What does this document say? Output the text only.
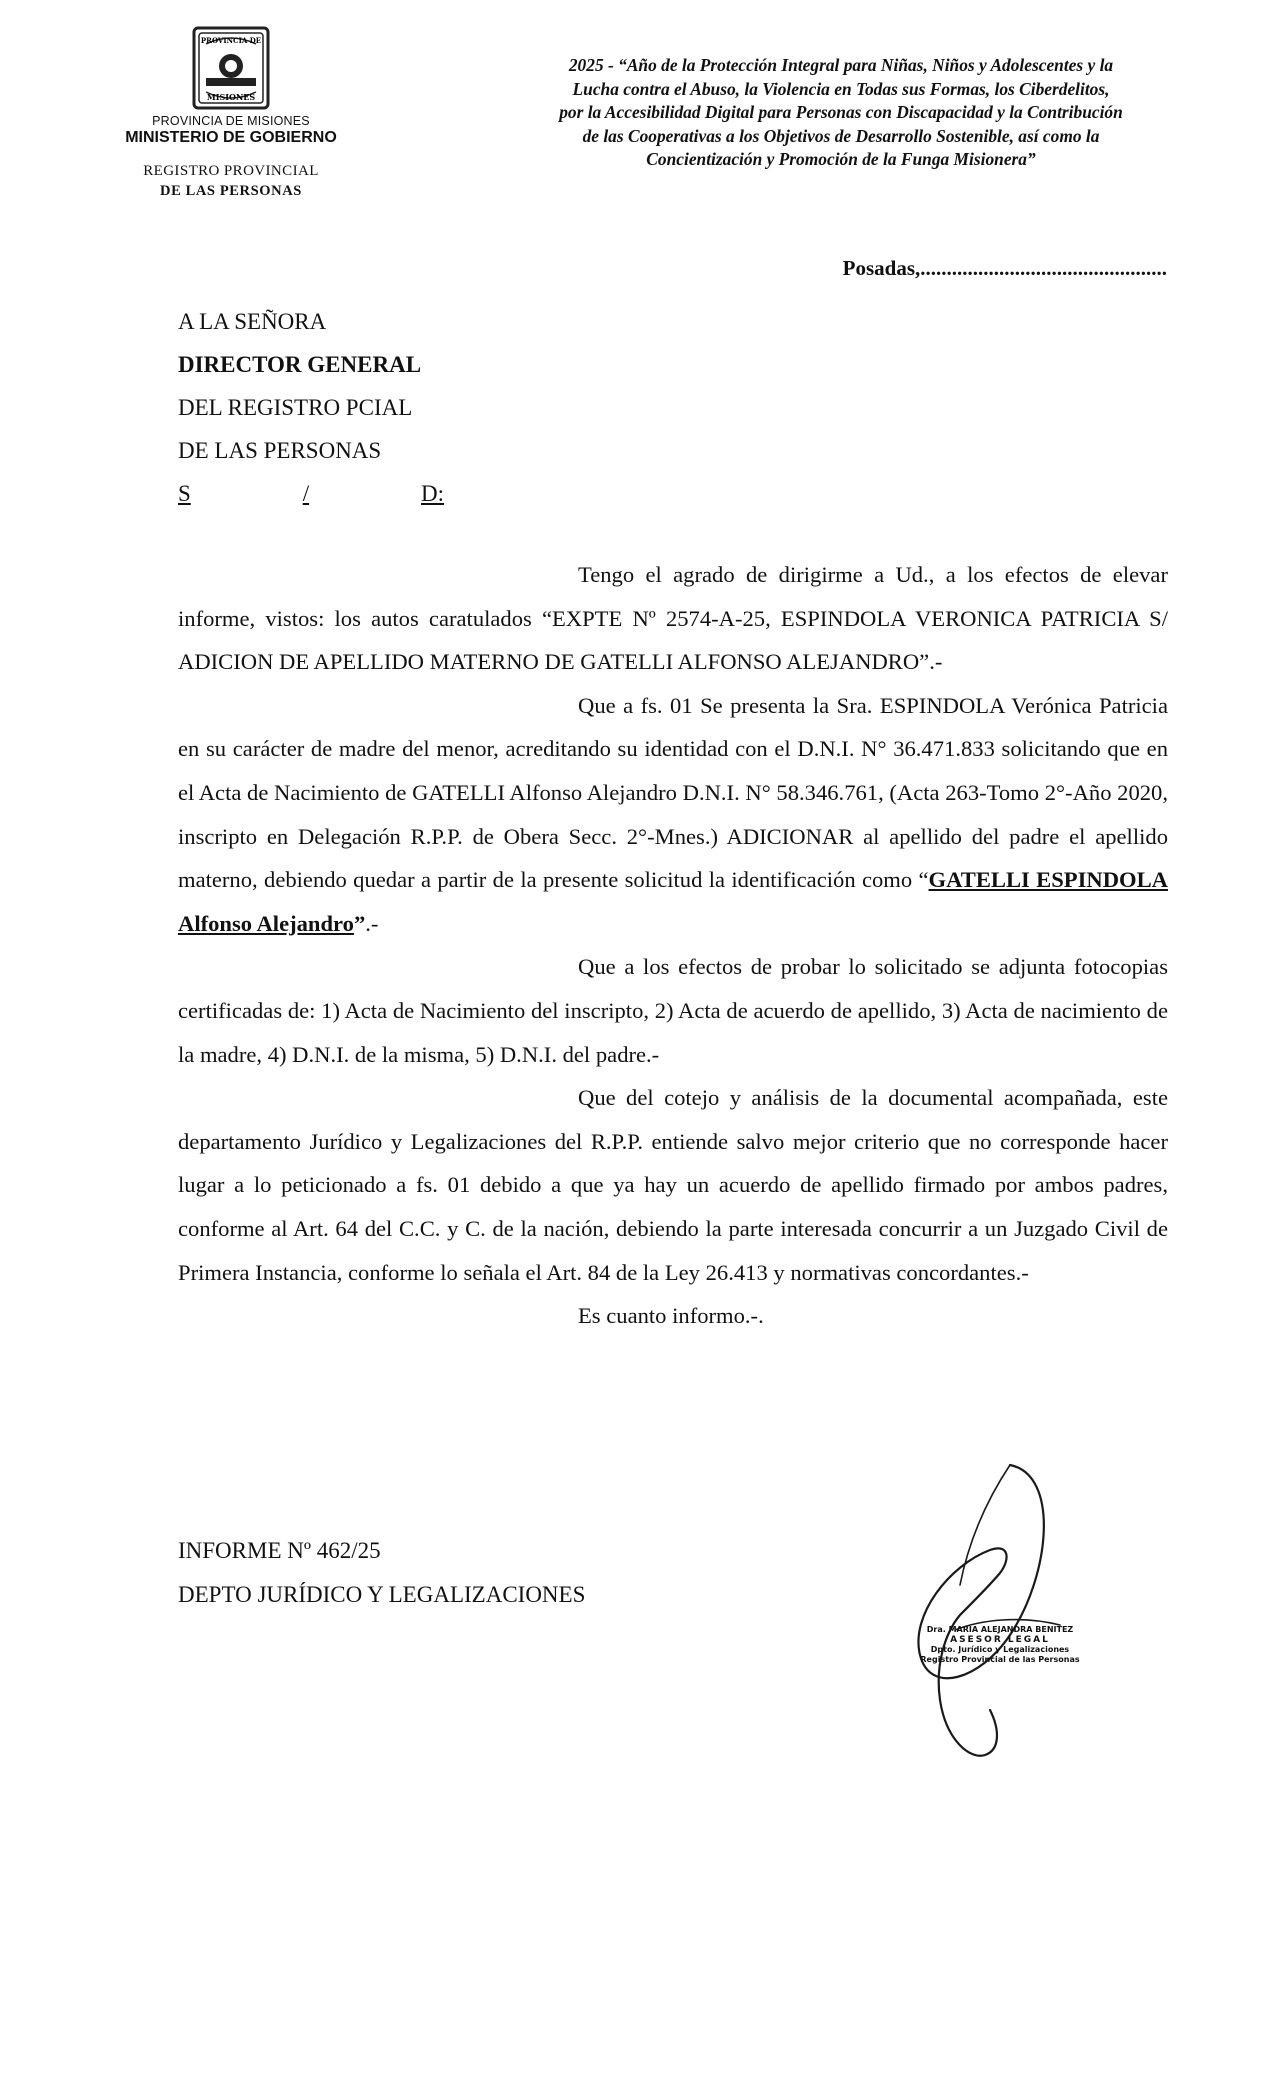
PROVINCIA DE
MISIONES
PROVINCIA DE MISIONES
MINISTERIO DE GOBIERNO
REGISTRO PROVINCIAL
DE LAS PERSONAS
2025 - “Año de la Protección Integral para Niñas, Niños y Adolescentes y la
Lucha contra el Abuso, la Violencia en Todas sus Formas, los Ciberdelitos,
por la Accesibilidad Digital para Personas con Discapacidad y la Contribución
de las Cooperativas a los Objetivos de Desarrollo Sostenible, así como la
Concientización y Promoción de la Funga Misionera”
Posadas,...............................................
A LA SEÑORA
DIRECTOR GENERAL
DEL REGISTRO PCIAL
DE LAS PERSONAS
S	/	D:

Tengo el agrado de dirigirme a Ud., a los efectos de elevar informe, vistos: los autos caratulados “EXPTE Nº 2574-A-25, ESPINDOLA VERONICA PATRICIA S/ ADICION DE APELLIDO MATERNO DE GATELLI ALFONSO ALEJANDRO”.-

Que a fs. 01 Se presenta la Sra. ESPINDOLA Verónica Patricia en su carácter de madre del menor, acreditando su identidad con el D.N.I. N° 36.471.833 solicitando que en el Acta de Nacimiento de GATELLI Alfonso Alejandro D.N.I. N° 58.346.761, (Acta 263-Tomo 2°-Año 2020, inscripto en Delegación R.P.P. de Obera Secc. 2°-Mnes.) ADICIONAR al apellido del padre el apellido materno, debiendo quedar a partir de la presente solicitud la identificación como “GATELLI ESPINDOLA Alfonso Alejandro”.-

Que a los efectos de probar lo solicitado se adjunta fotocopias certificadas de: 1) Acta de Nacimiento del inscripto, 2) Acta de acuerdo de apellido, 3) Acta de nacimiento de la madre, 4) D.N.I. de la misma, 5) D.N.I. del padre.-

Que del cotejo y análisis de la documental acompañada, este departamento Jurídico y Legalizaciones del R.P.P. entiende salvo mejor criterio que no corresponde hacer lugar a lo peticionado a fs. 01 debido a que ya hay un acuerdo de apellido firmado por ambos padres, conforme al Art. 64 del C.C. y C. de la nación, debiendo la parte interesada concurrir a un Juzgado Civil de Primera Instancia, conforme lo señala el Art. 84 de la Ley 26.413 y normativas concordantes.-

Es cuanto informo.-.

INFORME Nº 462/25
DEPTO JURÍDICO Y LEGALIZACIONES
Dra. MARIA ALEJANDRA BENITEZ
ASESOR LEGAL
Dpto. Jurídico y Legalizaciones
Registro Provincial de las Personas
